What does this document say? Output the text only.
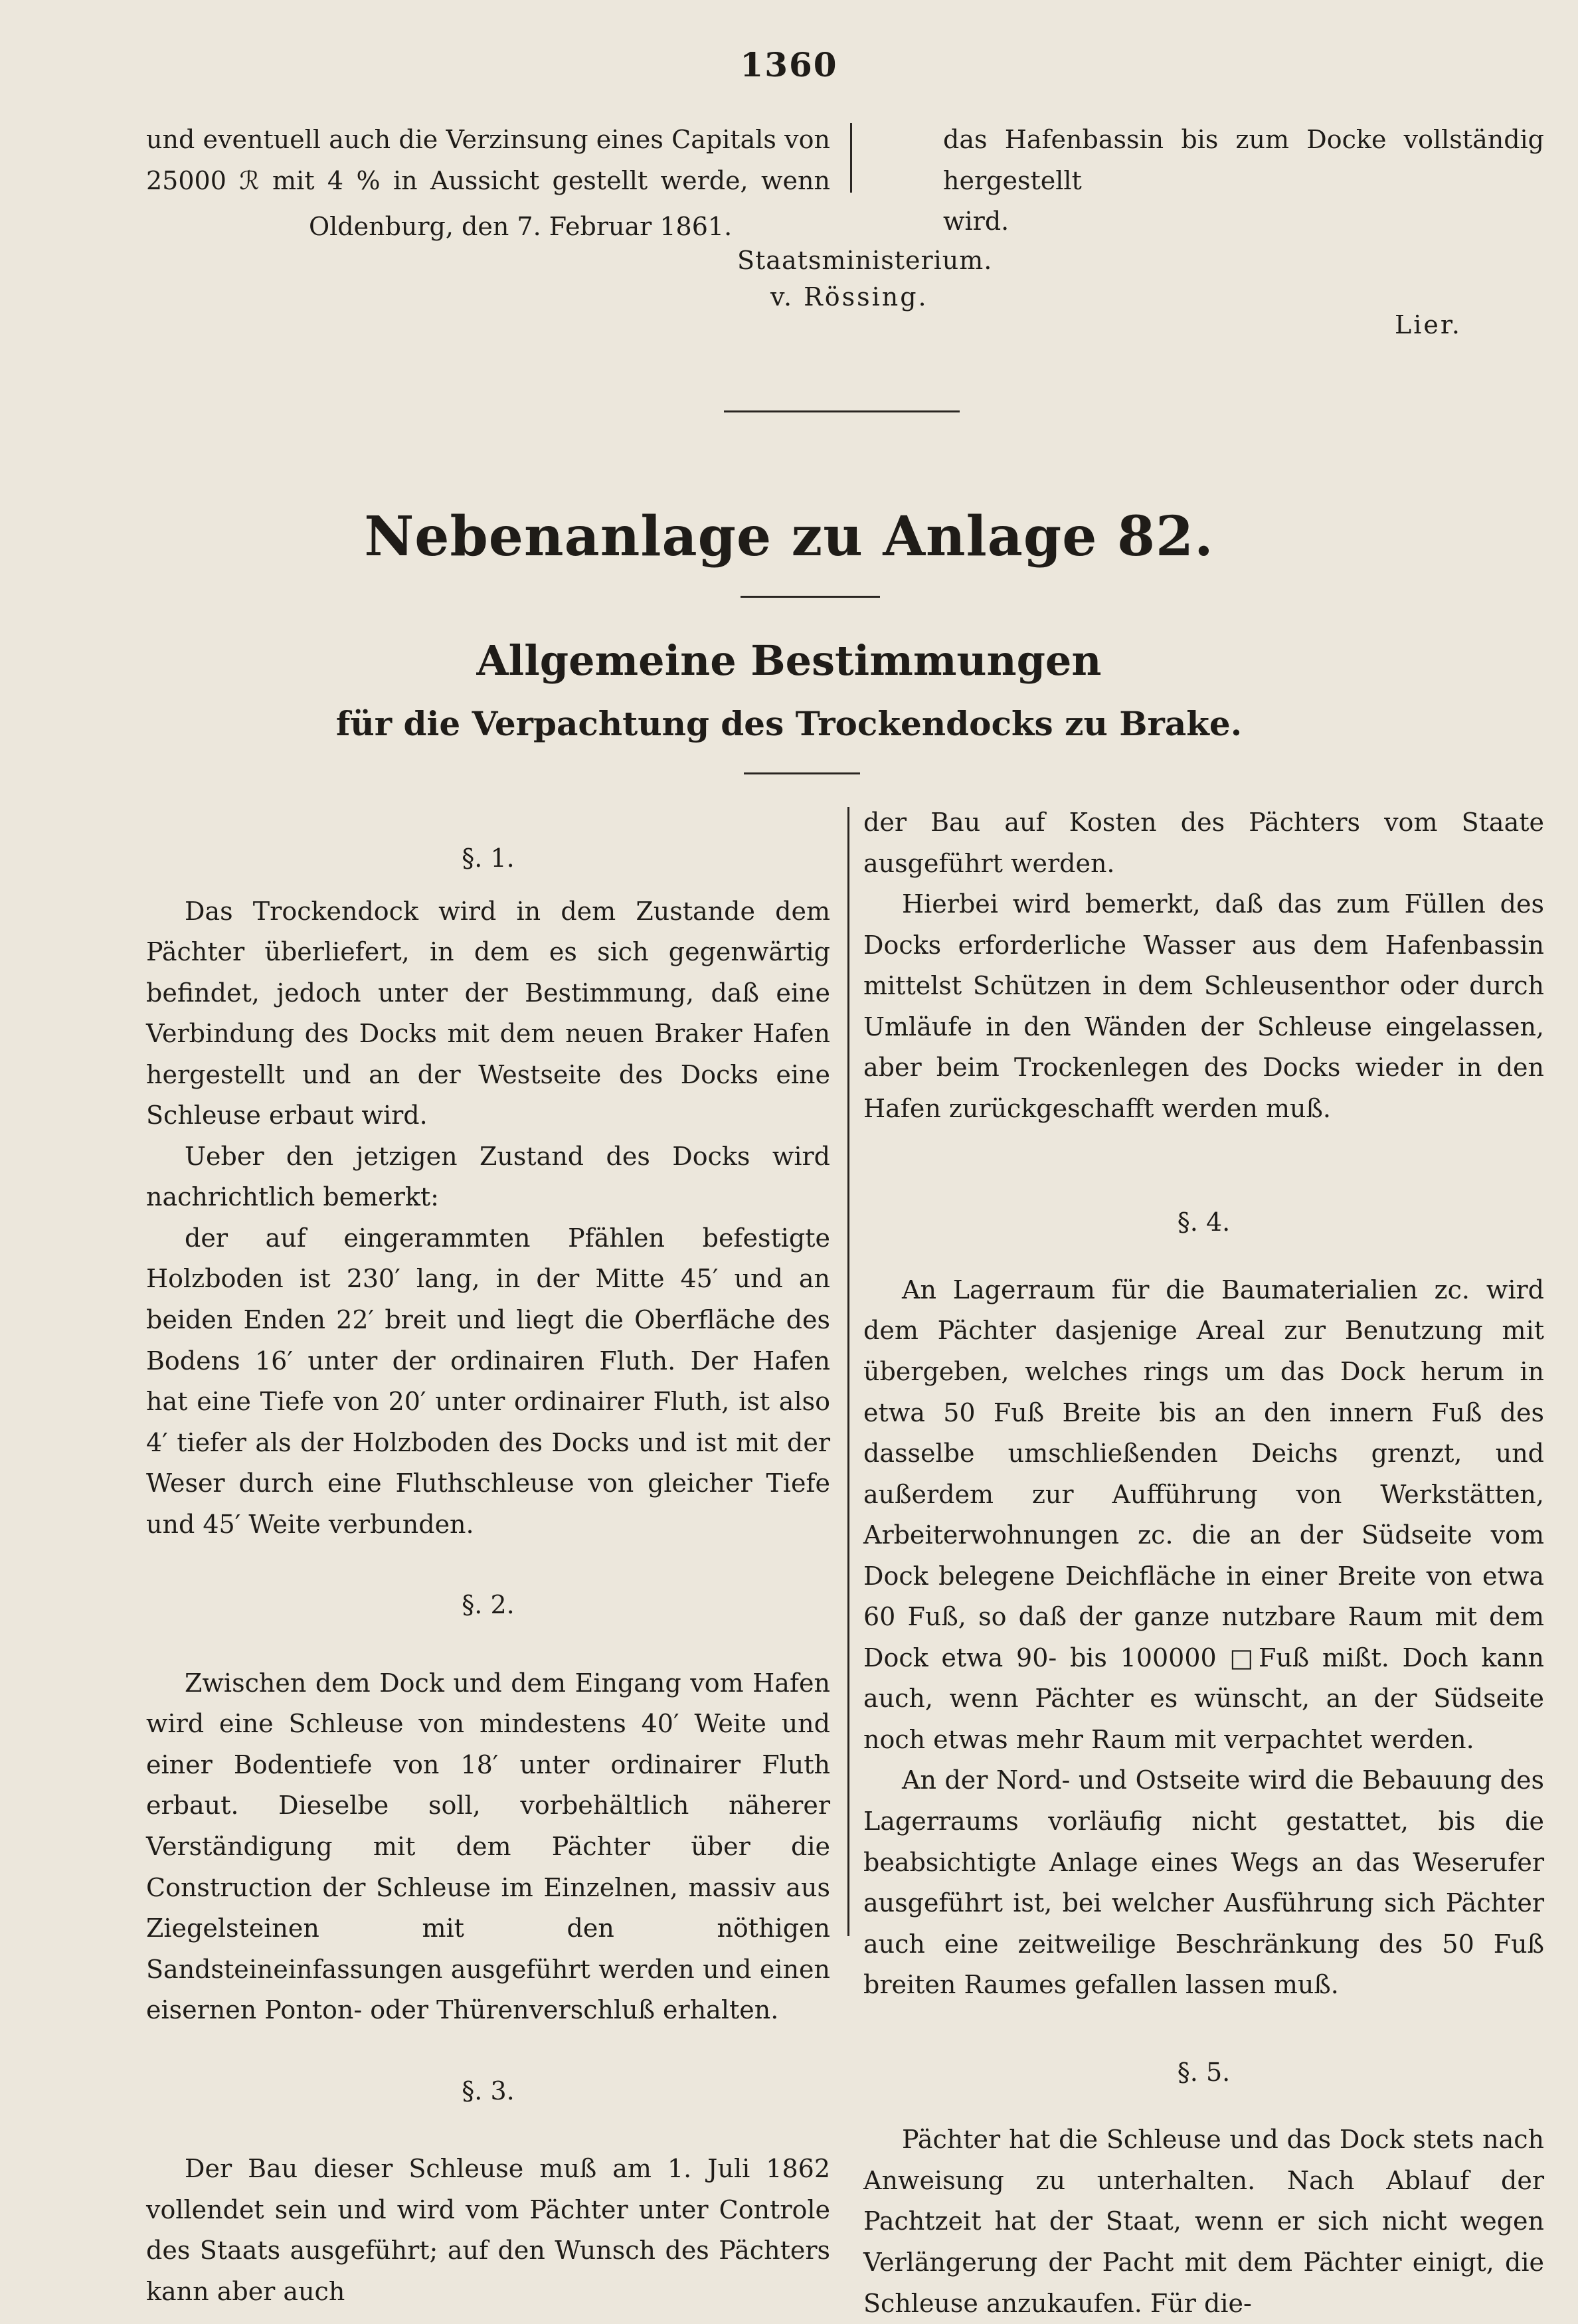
1360

und eventuell auch die Verzinsung eines Capitals von

25000 ℛ mit 4 % in Aussicht gestellt werde, wenn

Oldenburg, den 7. Februar 1861.

das Hafenbassin bis zum Docke vollständig hergestellt

wird.

Staatsministerium.
v. Rössing.
Lier.
Nebenanlage zu Anlage 82.
Allgemeine Bestimmungen
für die Verpachtung des Trockendocks zu Brake.

§. 1.

Das Trockendock wird in dem Zustande dem Pächter überliefert, in dem es sich gegenwärtig befindet, jedoch unter der Bestimmung, daß eine Verbindung des Docks mit dem neuen Braker Hafen hergestellt und an der Westseite des Docks eine Schleuse erbaut wird.

Ueber den jetzigen Zustand des Docks wird nachrichtlich bemerkt:

der auf eingerammten Pfählen befestigte Holzboden ist 230′ lang, in der Mitte 45′ und an beiden Enden 22′ breit und liegt die Oberfläche des Bodens 16′ unter der ordinairen Fluth. Der Hafen hat eine Tiefe von 20′ unter ordinairer Fluth, ist also 4′ tiefer als der Holzboden des Docks und ist mit der Weser durch eine Fluthschleuse von gleicher Tiefe und 45′ Weite verbunden.

§. 2.

Zwischen dem Dock und dem Eingang vom Hafen wird eine Schleuse von mindestens 40′ Weite und einer Bodentiefe von 18′ unter ordinairer Fluth erbaut. Dieselbe soll, vorbehältlich näherer Verständigung mit dem Pächter über die Construction der Schleuse im Einzelnen, massiv aus Ziegelsteinen mit den nöthigen Sandsteineinfassungen ausgeführt werden und einen eisernen Ponton- oder Thürenverschluß erhalten.

§. 3.

Der Bau dieser Schleuse muß am 1. Juli 1862 vollendet sein und wird vom Pächter unter Controle des Staats ausgeführt; auf den Wunsch des Pächters kann aber auch

der Bau auf Kosten des Pächters vom Staate ausgeführt werden.

Hierbei wird bemerkt, daß das zum Füllen des Docks erforderliche Wasser aus dem Hafenbassin mittelst Schützen in dem Schleusenthor oder durch Umläufe in den Wänden der Schleuse eingelassen, aber beim Trockenlegen des Docks wieder in den Hafen zurückgeschafft werden muß.

§. 4.

An Lagerraum für die Baumaterialien zc. wird dem Pächter dasjenige Areal zur Benutzung mit übergeben, welches rings um das Dock herum in etwa 50 Fuß Breite bis an den innern Fuß des dasselbe umschließenden Deichs grenzt, und außerdem zur Aufführung von Werkstätten, Arbeiterwohnungen zc. die an der Südseite vom Dock belegene Deichfläche in einer Breite von etwa 60 Fuß, so daß der ganze nutzbare Raum mit dem Dock etwa 90- bis 100000 □Fuß mißt. Doch kann auch, wenn Pächter es wünscht, an der Südseite noch etwas mehr Raum mit verpachtet werden.

An der Nord- und Ostseite wird die Bebauung des Lagerraums vorläufig nicht gestattet, bis die beabsichtigte Anlage eines Wegs an das Weserufer ausgeführt ist, bei welcher Ausführung sich Pächter auch eine zeitweilige Beschränkung des 50 Fuß breiten Raumes gefallen lassen muß.

§. 5.

Pächter hat die Schleuse und das Dock stets nach Anweisung zu unterhalten. Nach Ablauf der Pachtzeit hat der Staat, wenn er sich nicht wegen Verlängerung der Pacht mit dem Pächter einigt, die Schleuse anzukaufen. Für die-
